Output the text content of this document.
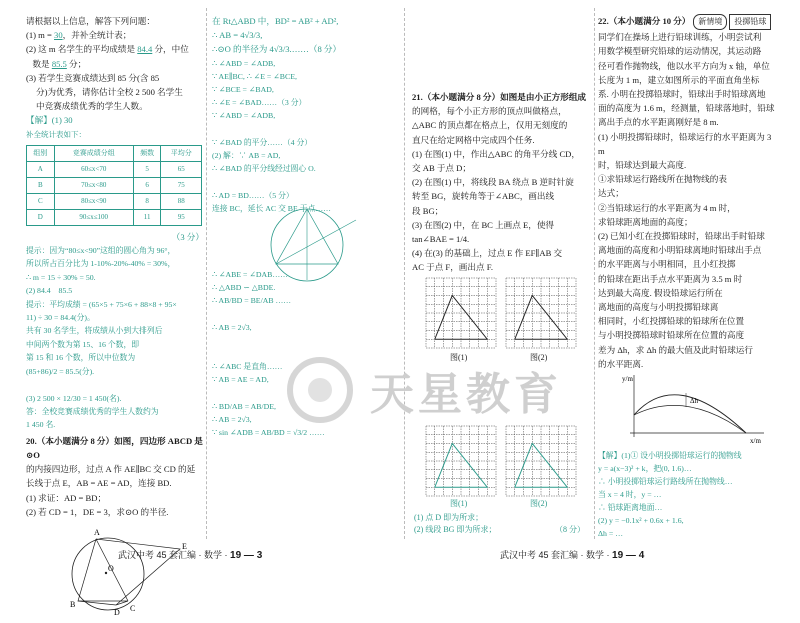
请根据以上信息，解答下列问题：

(1) m = 30，并补全统计表；

(2) 这 m 名学生的平均成绩是 84.4 分，中位

数是 85.5 分；

(3) 若学生竞赛成绩达到 85 分(含 85

分)为优秀，请你估计全校 2 500 名学生

中竞赛成绩优秀的学生人数。

【解】(1) 30

补全统计表如下：

组别	竞赛成绩分组	频数	平均分
A	60≤x<70	5	65
B	70≤x<80	6	75
C	80≤x<90	8	88
D	90≤x≤100	11	95

（3 分）

提示：因为“80≤x<90”这组的圆心角为 96°，

所以所占百分比为 1-10%-20%-40% = 30%，

∴ m = 15 ÷ 30% = 50.

(2) 84.4　85.5

提示：平均成绩 = (65×5 + 75×6 + 88×8 + 95×

11) ÷ 30 = 84.4(分)。

共有 30 名学生，将成绩从小到大排列后

中间两个数为第 15、16 个数，即

第 15 和 16 个数，所以中位数为

(85+86)/2 = 85.5(分).

(3) 2 500 × 12/30 = 1 450(名).

答：全校竞赛成绩优秀的学生人数约为

1 450 名.

20.（本小题满分 8 分）如图，四边形 ABCD 是⊙O

的内接四边形，过点 A 作 AE∥BC 交 CD 的延

长线于点 E，AB = AE = AD，连接 BD.

(1) 求证：AD = BD；

(2) 若 CD = 1，DE = 3，求⊙O 的半径.

A
B	C
D
E
O

在 Rt△ABD 中，BD² = AB² + AD²,

∴ AB = 4√3/3,

∴⊙O 的半径为 4√3/3.……（8 分）

∴ ∠ABD = ∠ADB,

∵ AE∥BC, ∴ ∠E = ∠BCE,

∵ ∠BCE = ∠BAD,

∴ ∠E = ∠BAD……（3 分）

∵ ∠ABD = ∠ADB,

∵ ∠BAD 的平分……（4 分）

(2) 解：∵ AB = AD,

∴ ∠BAD 的平分线经过圆心 O.

∴ AD = BD……（5 分）

连接 BC，延长 AC 交 BE 于点……

∴ ∠ABE = ∠DAB……

∴ △ABD ∽ △BDE.

∴ AB/BD = BE/AB ……

∴ AB = 2√3,

∴ ∠ABC 是直角……

∵ AB = AE = AD,

∴ BD/AB = AB/DE,

∴ AB = 2√3,

∵ sin ∠ADB = AB/BD = √3/2 ……

21.（本小题满分 8 分）如图是由小正方形组成

的网格，每个小正方形的顶点叫做格点，

△ABC 的顶点都在格点上，仅用无刻度的

直尺在给定网格中完成四个任务.

(1) 在图(1) 中，作出△ABC 的角平分线 CD，

交 AB 于点 D；

(2) 在图(1) 中，将线段 BA 绕点 B 逆时针旋

转至 BG，旋转角等于∠ABC，画出线

段 BG；

(3) 在图(2) 中，在 BC 上画点 E，使得

tan∠BAE = 1/4.

(4) 在(3) 的基础上，过点 E 作 EF∥AB 交

AC 于点 F，画出点 F.

图(1)	图(2)
图(1)	图(2)

(1) 点 D 即为所求；

(2) 线段 BG 即为所求；	（8 分）

22.（本小题满分 10 分） 新情境 投掷铅球

同学们在操场上进行铅球训练，小明尝试利

用数学模型研究铅球的运动情况，其运动路

径可看作抛物线，他以水平方向为 x 轴，单位

长度为 1 m，建立如图所示的平面直角坐标

系. 小明在投掷铅球时，铅球出手时铅球离地

面的高度为 1.6 m，经测量，铅球落地时，铅球

离出手点的水平距离刚好是 8 m.

(1) 小明投掷铅球时，铅球运行的水平距离为 3 m

时，铅球达到最大高度.

①求铅球运行路线所在抛物线的表

达式；

②当铅球运行的水平距离为 4 m 时，

求铅球距离地面的高度；

(2) 已知小红在投掷铅球时，铅球出手时铅球

离地面的高度和小明铅球离地时铅球出手点

的水平距离与小明相同，且小红投掷

的铅球在距出手点水平距离为 3.5 m 时

达到最大高度. 假设铅球运行所在

离地面的高度与小明投掷铅球离

相同时，小红投掷铅球的铅球所在位置

与小明投掷铅球时铅球所在位置的高度

差为 Δh，求 Δh 的最大值及此时铅球运行

的水平距离.

y/m
x/m
Δh

【解】(1)① 设小明投掷铅球运行的抛物线

y = a(x−3)² + k，把(0, 1.6)…

∴ 小明投掷铅球运行路线所在抛物线…

当 x = 4 时，y = …

∴ 铅球距离地面…

(2) y = −0.1x² + 0.6x + 1.6,

Δh = …

天星教育
武汉中考 45 套汇编 · 数学 · 19 — 3	武汉中考 45 套汇编 · 数学 · 19 — 4
